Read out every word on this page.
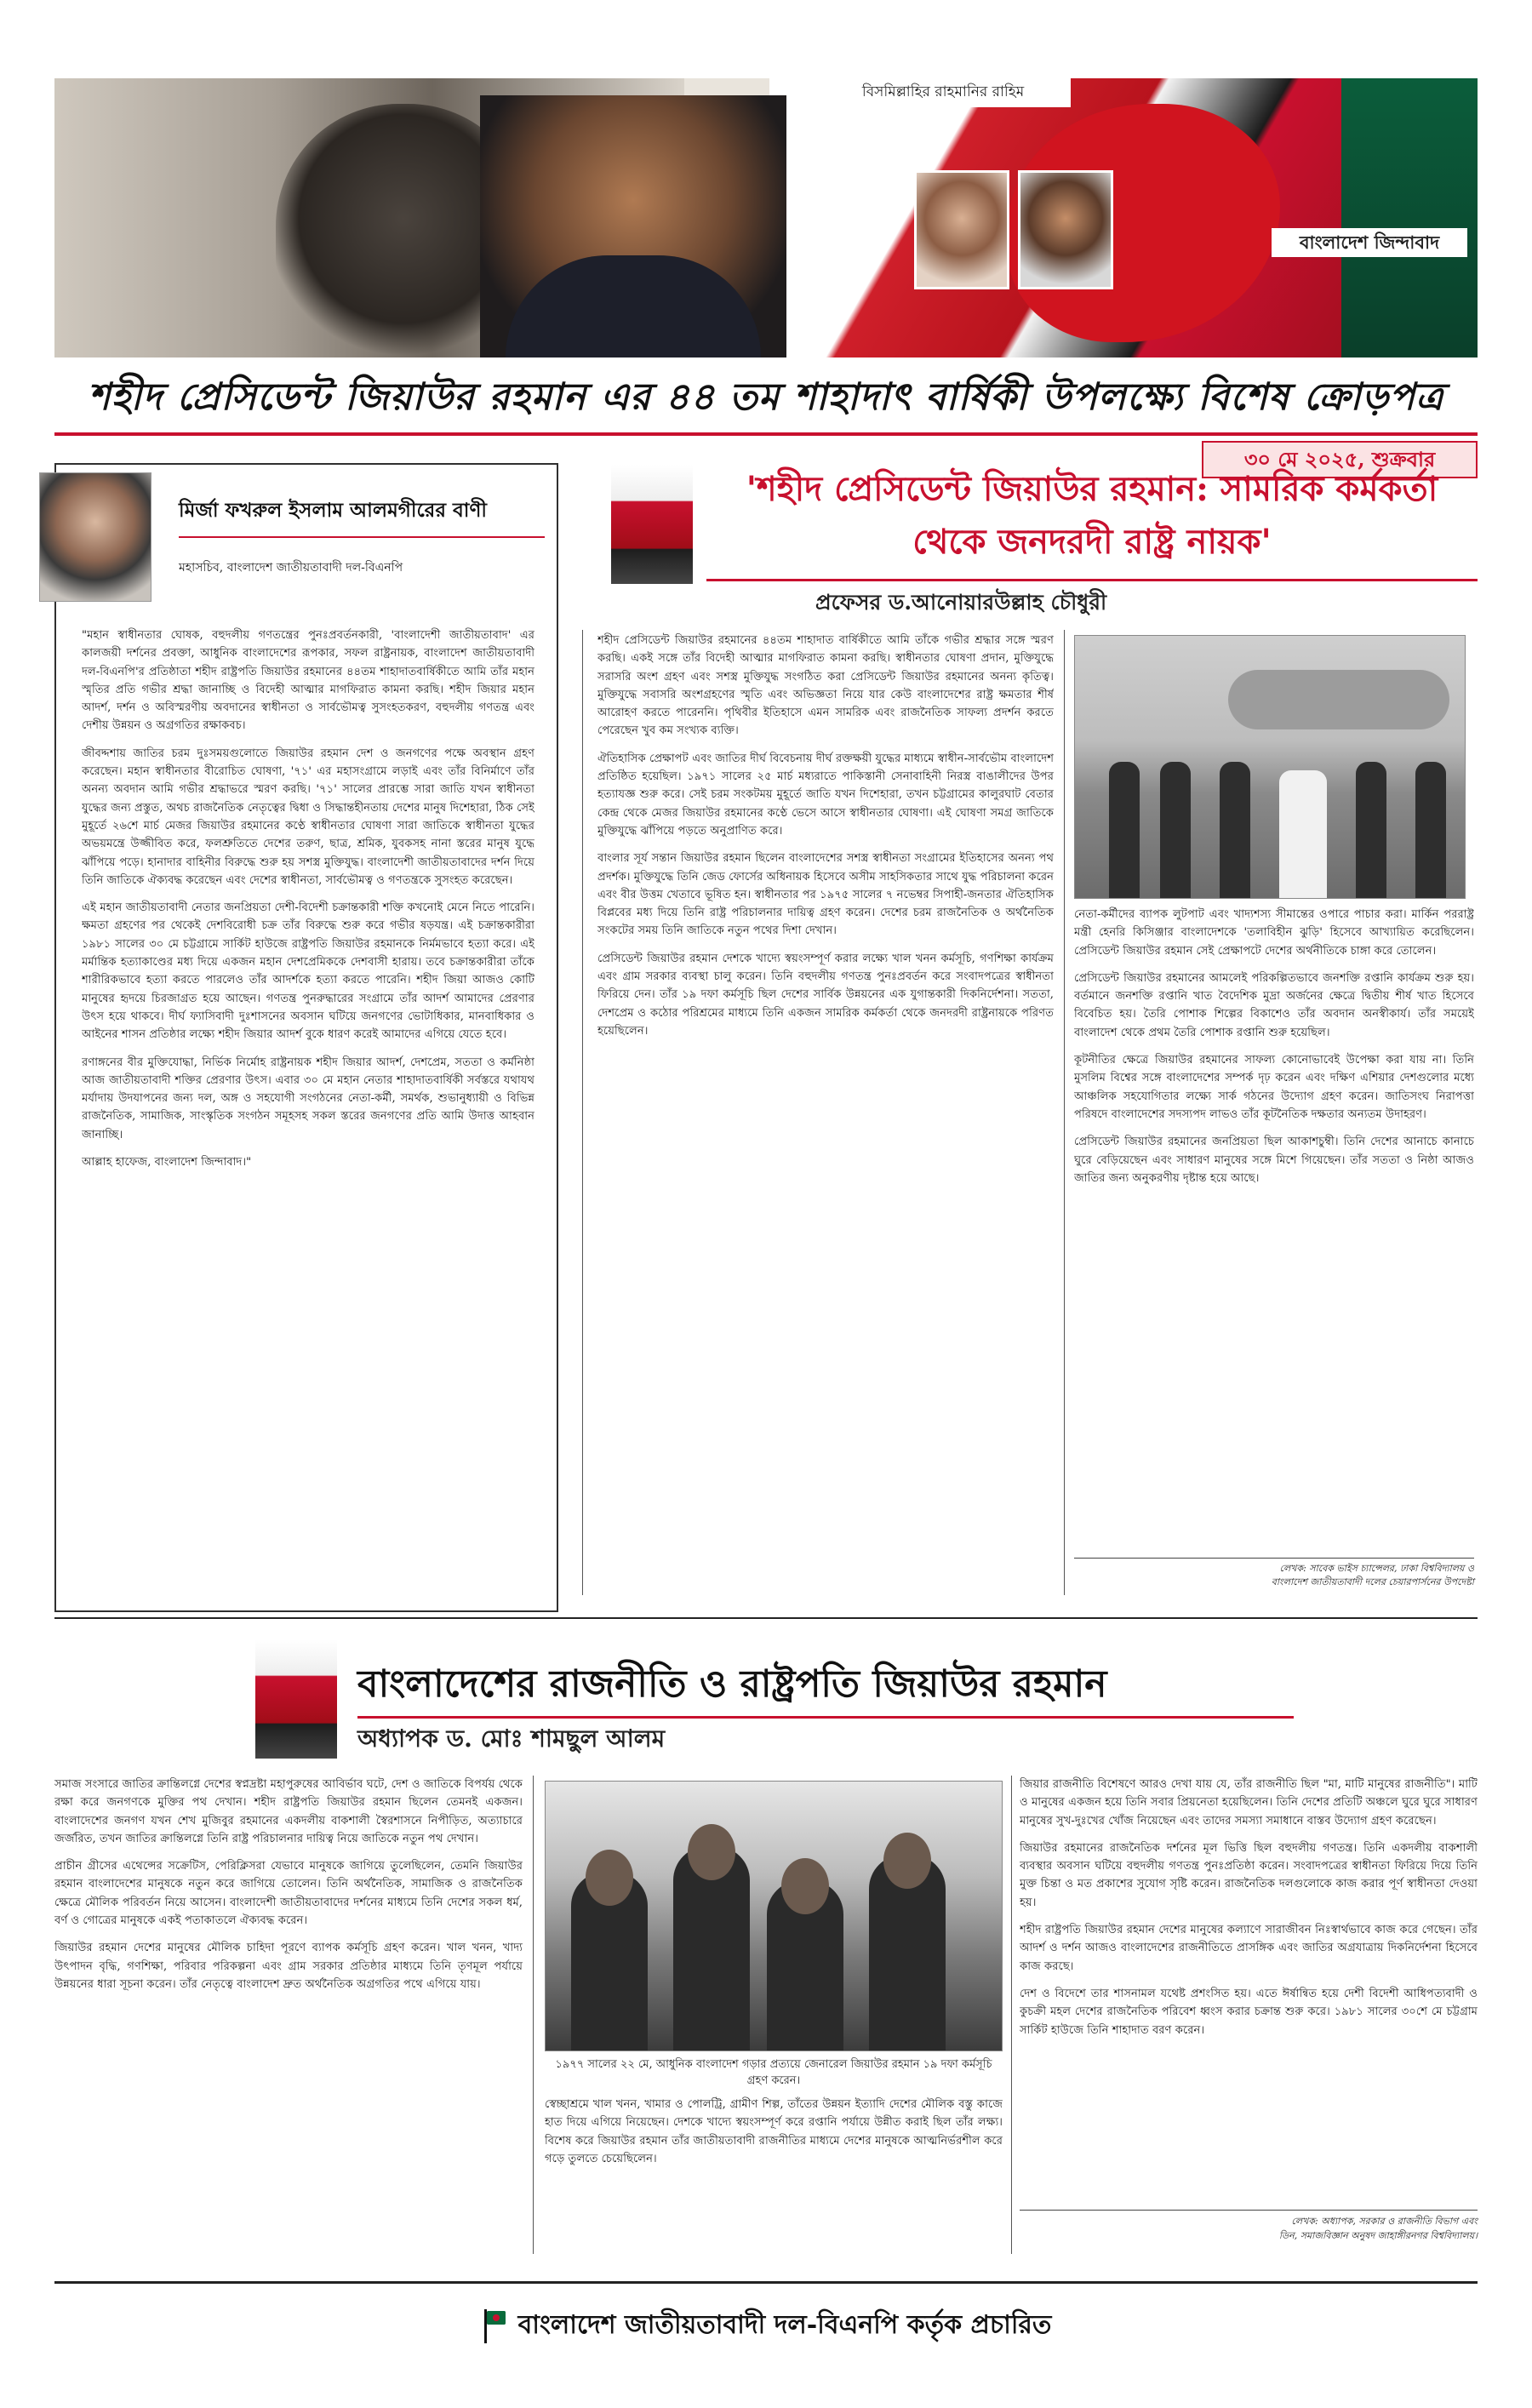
বিসমিল্লাহির রাহমানির রাহিম
বাংলাদেশ জিন্দাবাদ
শহীদ প্রেসিডেন্ট জিয়াউর রহমান এর ৪৪ তম শাহাদাৎ বার্ষিকী উপলক্ষ্যে বিশেষ ক্রোড়পত্র
৩০ মে ২০২৫, শুক্রবার
মির্জা ফখরুল ইসলাম আলমগীরের বাণী
মহাসচিব, বাংলাদেশ জাতীয়তাবাদী দল-বিএনপি

"মহান স্বাধীনতার ঘোষক, বহুদলীয় গণতন্ত্রের পুনঃপ্রবর্তনকারী, 'বাংলাদেশী জাতীয়তাবাদ' এর কালজয়ী দর্শনের প্রবক্তা, আধুনিক বাংলাদেশের রূপকার, সফল রাষ্ট্রনায়ক, বাংলাদেশ জাতীয়তাবাদী দল-বিএনপি'র প্রতিষ্ঠাতা শহীদ রাষ্ট্রপতি জিয়াউর রহমানের ৪৪তম শাহাদাতবার্ষিকীতে আমি তাঁর মহান স্মৃতির প্রতি গভীর শ্রদ্ধা জানাচ্ছি ও বিদেহী আত্মার মাগফিরাত কামনা করছি। শহীদ জিয়ার মহান আদর্শ, দর্শন ও অবিস্মরণীয় অবদানের স্বাধীনতা ও সার্বভৌমত্ব সুসংহতকরণ, বহুদলীয় গণতন্ত্র এবং দেশীয় উন্নয়ন ও অগ্রগতির রক্ষাকবচ।

জীবদ্দশায় জাতির চরম দুঃসময়গুলোতে জিয়াউর রহমান দেশ ও জনগণের পক্ষে অবস্থান গ্রহণ করেছেন। মহান স্বাধীনতার বীরোচিত ঘোষণা, '৭১' এর মহাসংগ্রামে লড়াই এবং তাঁর বিনির্মাণে তাঁর অনন্য অবদান আমি গভীর শ্রদ্ধাভরে স্মরণ করছি। '৭১' সালের প্রারম্ভে সারা জাতি যখন স্বাধীনতা যুদ্ধের জন্য প্রস্তুত, অথচ রাজনৈতিক নেতৃত্বের দ্বিধা ও সিদ্ধান্তহীনতায় দেশের মানুষ দিশেহারা, ঠিক সেই মুহূর্তে ২৬শে মার্চ মেজর জিয়াউর রহমানের কণ্ঠে স্বাধীনতার ঘোষণা সারা জাতিকে স্বাধীনতা যুদ্ধের অভয়মন্ত্রে উজ্জীবিত করে, ফলশ্রুতিতে দেশের তরুণ, ছাত্র, শ্রমিক, যুবকসহ নানা স্তরের মানুষ যুদ্ধে ঝাঁপিয়ে পড়ে। হানাদার বাহিনীর বিরুদ্ধে শুরু হয় সশস্ত্র মুক্তিযুদ্ধ। বাংলাদেশী জাতীয়তাবাদের দর্শন দিয়ে তিনি জাতিকে ঐক্যবদ্ধ করেছেন এবং দেশের স্বাধীনতা, সার্বভৌমত্ব ও গণতন্ত্রকে সুসংহত করেছেন।

এই মহান জাতীয়তাবাদী নেতার জনপ্রিয়তা দেশী-বিদেশী চক্রান্তকারী শক্তি কখনোই মেনে নিতে পারেনি। ক্ষমতা গ্রহণের পর থেকেই দেশবিরোধী চক্র তাঁর বিরুদ্ধে শুরু করে গভীর ষড়যন্ত্র। এই চক্রান্তকারীরা ১৯৮১ সালের ৩০ মে চট্টগ্রামে সার্কিট হাউজে রাষ্ট্রপতি জিয়াউর রহমানকে নির্মমভাবে হত্যা করে। এই মর্মান্তিক হত্যাকাণ্ডের মধ্য দিয়ে একজন মহান দেশপ্রেমিককে দেশবাসী হারায়। তবে চক্রান্তকারীরা তাঁকে শারীরিকভাবে হত্যা করতে পারলেও তাঁর আদর্শকে হত্যা করতে পারেনি। শহীদ জিয়া আজও কোটি মানুষের হৃদয়ে চিরজাগ্রত হয়ে আছেন। গণতন্ত্র পুনরুদ্ধারের সংগ্রামে তাঁর আদর্শ আমাদের প্রেরণার উৎস হয়ে থাকবে। দীর্ঘ ফ্যাসিবাদী দুঃশাসনের অবসান ঘটিয়ে জনগণের ভোটাধিকার, মানবাধিকার ও আইনের শাসন প্রতিষ্ঠার লক্ষ্যে শহীদ জিয়ার আদর্শ বুকে ধারণ করেই আমাদের এগিয়ে যেতে হবে।

রণাঙ্গনের বীর মুক্তিযোদ্ধা, নির্ভিক নির্মোহ রাষ্ট্রনায়ক শহীদ জিয়ার আদর্শ, দেশপ্রেম, সততা ও কর্মনিষ্ঠা আজ জাতীয়তাবাদী শক্তির প্রেরণার উৎস। এবার ৩০ মে মহান নেতার শাহাদাতবার্ষিকী সর্বস্তরে যথাযথ মর্যাদায় উদযাপনের জন্য দল, অঙ্গ ও সহযোগী সংগঠনের নেতা-কর্মী, সমর্থক, শুভানুধ্যায়ী ও বিভিন্ন রাজনৈতিক, সামাজিক, সাংস্কৃতিক সংগঠন সমূহসহ সকল স্তরের জনগণের প্রতি আমি উদাত্ত আহবান জানাচ্ছি।

আল্লাহ হাফেজ, বাংলাদেশ জিন্দাবাদ।"

'শহীদ প্রেসিডেন্ট জিয়াউর রহমান: সামরিক কর্মকর্তা থেকে জনদরদী রাষ্ট্র নায়ক'
প্রফেসর ড.আনোয়ারউল্লাহ চৌধুরী

শহীদ প্রেসিডেন্ট জিয়াউর রহমানের ৪৪তম শাহাদাত বার্ষিকীতে আমি তাঁকে গভীর শ্রদ্ধার সঙ্গে স্মরণ করছি। একই সঙ্গে তাঁর বিদেহী আত্মার মাগফিরাত কামনা করছি। স্বাধীনতার ঘোষণা প্রদান, মুক্তিযুদ্ধে সরাসরি অংশ গ্রহণ এবং সশস্ত্র মুক্তিযুদ্ধ সংগঠিত করা প্রেসিডেন্ট জিয়াউর রহমানের অনন্য কৃতিত্ব। মুক্তিযুদ্ধে সবাসরি অংশগ্রহণের স্মৃতি এবং অভিজ্ঞতা নিয়ে যার কেউ বাংলাদেশের রাষ্ট্র ক্ষমতার শীর্ষ আরোহণ করতে পারেননি। পৃথিবীর ইতিহাসে এমন সামরিক এবং রাজনৈতিক সাফল্য প্রদর্শন করতে পেরেছেন খুব কম সংখ্যক ব্যক্তি।

ঐতিহাসিক প্রেক্ষাপট এবং জাতির দীর্ঘ বিবেচনায় দীর্ঘ রক্তক্ষয়ী যুদ্ধের মাধ্যমে স্বাধীন-সার্বভৌম বাংলাদেশ প্রতিষ্ঠিত হয়েছিল। ১৯৭১ সালের ২৫ মার্চ মধ্যরাতে পাকিস্তানী সেনাবাহিনী নিরস্ত্র বাঙালীদের উপর হত্যাযজ্ঞ শুরু করে। সেই চরম সংকটময় মুহূর্তে জাতি যখন দিশেহারা, তখন চট্টগ্রামের কালুরঘাট বেতার কেন্দ্র থেকে মেজর জিয়াউর রহমানের কণ্ঠে ভেসে আসে স্বাধীনতার ঘোষণা। এই ঘোষণা সমগ্র জাতিকে মুক্তিযুদ্ধে ঝাঁপিয়ে পড়তে অনুপ্রাণিত করে।

বাংলার সূর্য সন্তান জিয়াউর রহমান ছিলেন বাংলাদেশের সশস্ত্র স্বাধীনতা সংগ্রামের ইতিহাসের অনন্য পথ প্রদর্শক। মুক্তিযুদ্ধে তিনি জেড ফোর্সের অধিনায়ক হিসেবে অসীম সাহসিকতার সাথে যুদ্ধ পরিচালনা করেন এবং বীর উত্তম খেতাবে ভূষিত হন। স্বাধীনতার পর ১৯৭৫ সালের ৭ নভেম্বর সিপাহী-জনতার ঐতিহাসিক বিপ্লবের মধ্য দিয়ে তিনি রাষ্ট্র পরিচালনার দায়িত্ব গ্রহণ করেন। দেশের চরম রাজনৈতিক ও অর্থনৈতিক সংকটের সময় তিনি জাতিকে নতুন পথের দিশা দেখান।

প্রেসিডেন্ট জিয়াউর রহমান দেশকে খাদ্যে স্বয়ংসম্পূর্ণ করার লক্ষ্যে খাল খনন কর্মসূচি, গণশিক্ষা কার্যক্রম এবং গ্রাম সরকার ব্যবস্থা চালু করেন। তিনি বহুদলীয় গণতন্ত্র পুনঃপ্রবর্তন করে সংবাদপত্রের স্বাধীনতা ফিরিয়ে দেন। তাঁর ১৯ দফা কর্মসূচি ছিল দেশের সার্বিক উন্নয়নের এক যুগান্তকারী দিকনির্দেশনা। সততা, দেশপ্রেম ও কঠোর পরিশ্রমের মাধ্যমে তিনি একজন সামরিক কর্মকর্তা থেকে জনদরদী রাষ্ট্রনায়কে পরিণত হয়েছিলেন।

নেতা-কর্মীদের ব্যাপক লুটপাট এবং খাদ্যশস্য সীমান্তের ওপারে পাচার করা। মার্কিন পররাষ্ট্র মন্ত্রী হেনরি কিসিঞ্জার বাংলাদেশকে 'তলাবিহীন ঝুড়ি' হিসেবে আখ্যায়িত করেছিলেন। প্রেসিডেন্ট জিয়াউর রহমান সেই প্রেক্ষাপটে দেশের অর্থনীতিকে চাঙ্গা করে তোলেন।

প্রেসিডেন্ট জিয়াউর রহমানের আমলেই পরিকল্পিতভাবে জনশক্তি রপ্তানি কার্যক্রম শুরু হয়। বর্তমানে জনশক্তি রপ্তানি খাত বৈদেশিক মুদ্রা অর্জনের ক্ষেত্রে দ্বিতীয় শীর্ষ খাত হিসেবে বিবেচিত হয়। তৈরি পোশাক শিল্পের বিকাশেও তাঁর অবদান অনস্বীকার্য। তাঁর সময়েই বাংলাদেশ থেকে প্রথম তৈরি পোশাক রপ্তানি শুরু হয়েছিল।

কূটনীতির ক্ষেত্রে জিয়াউর রহমানের সাফল্য কোনোভাবেই উপেক্ষা করা যায় না। তিনি মুসলিম বিশ্বের সঙ্গে বাংলাদেশের সম্পর্ক দৃঢ় করেন এবং দক্ষিণ এশিয়ার দেশগুলোর মধ্যে আঞ্চলিক সহযোগিতার লক্ষ্যে সার্ক গঠনের উদ্যোগ গ্রহণ করেন। জাতিসংঘ নিরাপত্তা পরিষদে বাংলাদেশের সদস্যপদ লাভও তাঁর কূটনৈতিক দক্ষতার অন্যতম উদাহরণ।

প্রেসিডেন্ট জিয়াউর রহমানের জনপ্রিয়তা ছিল আকাশচুম্বী। তিনি দেশের আনাচে কানাচে ঘুরে বেড়িয়েছেন এবং সাধারণ মানুষের সঙ্গে মিশে গিয়েছেন। তাঁর সততা ও নিষ্ঠা আজও জাতির জন্য অনুকরণীয় দৃষ্টান্ত হয়ে আছে।

লেখক: সাবেক ভাইস চ্যান্সেলর, ঢাকা বিশ্ববিদ্যালয় ও
বাংলাদেশ জাতীয়তাবাদী দলের চেয়ারপার্সনের উপদেষ্টা
বাংলাদেশের রাজনীতি ও রাষ্ট্রপতি জিয়াউর রহমান
অধ্যাপক ড. মোঃ শামছুল আলম

সমাজ সংসারে জাতির ক্রান্তিলগ্নে দেশের স্বপ্নদ্রষ্টা মহাপুরুষের আবির্ভাব ঘটে, দেশ ও জাতিকে বিপর্যয় থেকে রক্ষা করে জনগণকে মুক্তির পথ দেখান। শহীদ রাষ্ট্রপতি জিয়াউর রহমান ছিলেন তেমনই একজন। বাংলাদেশের জনগণ যখন শেখ মুজিবুর রহমানের একদলীয় বাকশালী স্বৈরশাসনে নিপীড়িত, অত্যাচারে জর্জরিত, তখন জাতির ক্রান্তিলগ্নে তিনি রাষ্ট্র পরিচালনার দায়িত্ব নিয়ে জাতিকে নতুন পথ দেখান।

প্রাচীন গ্রীসের এথেন্সের সক্রেটিস, পেরিক্লিসরা যেভাবে মানুষকে জাগিয়ে তুলেছিলেন, তেমনি জিয়াউর রহমান বাংলাদেশের মানুষকে নতুন করে জাগিয়ে তোলেন। তিনি অর্থনৈতিক, সামাজিক ও রাজনৈতিক ক্ষেত্রে মৌলিক পরিবর্তন নিয়ে আসেন। বাংলাদেশী জাতীয়তাবাদের দর্শনের মাধ্যমে তিনি দেশের সকল ধর্ম, বর্ণ ও গোত্রের মানুষকে একই পতাকাতলে ঐক্যবদ্ধ করেন।

জিয়াউর রহমান দেশের মানুষের মৌলিক চাহিদা পূরণে ব্যাপক কর্মসূচি গ্রহণ করেন। খাল খনন, খাদ্য উৎপাদন বৃদ্ধি, গণশিক্ষা, পরিবার পরিকল্পনা এবং গ্রাম সরকার প্রতিষ্ঠার মাধ্যমে তিনি তৃণমূল পর্যায়ে উন্নয়নের ধারা সূচনা করেন। তাঁর নেতৃত্বে বাংলাদেশ দ্রুত অর্থনৈতিক অগ্রগতির পথে এগিয়ে যায়।

১৯৭৭ সালের ২২ মে, আধুনিক বাংলাদেশ গড়ার প্রত্যয়ে জেনারেল জিয়াউর রহমান ১৯ দফা কর্মসূচি গ্রহণ করেন।

স্বেচ্ছাশ্রমে খাল খনন, খামার ও পোলট্রি, গ্রামীণ শিল্প, তাঁতের উন্নয়ন ইত্যাদি দেশের মৌলিক বস্তু কাজে হাত দিয়ে এগিয়ে নিয়েছেন। দেশকে খাদ্যে স্বয়ংসম্পূর্ণ করে রপ্তানি পর্যায়ে উন্নীত করাই ছিল তাঁর লক্ষ্য। বিশেষ করে জিয়াউর রহমান তাঁর জাতীয়তাবাদী রাজনীতির মাধ্যমে দেশের মানুষকে আত্মনির্ভরশীল করে গড়ে তুলতে চেয়েছিলেন।

জিয়ার রাজনীতি বিশেষণে আরও দেখা যায় যে, তাঁর রাজনীতি ছিল "মা, মাটি মানুষের রাজনীতি"। মাটি ও মানুষের একজন হয়ে তিনি সবার প্রিয়নেতা হয়েছিলেন। তিনি দেশের প্রতিটি অঞ্চলে ঘুরে ঘুরে সাধারণ মানুষের সুখ-দুঃখের খোঁজ নিয়েছেন এবং তাদের সমস্যা সমাধানে বাস্তব উদ্যোগ গ্রহণ করেছেন।

জিয়াউর রহমানের রাজনৈতিক দর্শনের মূল ভিত্তি ছিল বহুদলীয় গণতন্ত্র। তিনি একদলীয় বাকশালী ব্যবস্থার অবসান ঘটিয়ে বহুদলীয় গণতন্ত্র পুনঃপ্রতিষ্ঠা করেন। সংবাদপত্রের স্বাধীনতা ফিরিয়ে দিয়ে তিনি মুক্ত চিন্তা ও মত প্রকাশের সুযোগ সৃষ্টি করেন। রাজনৈতিক দলগুলোকে কাজ করার পূর্ণ স্বাধীনতা দেওয়া হয়।

শহীদ রাষ্ট্রপতি জিয়াউর রহমান দেশের মানুষের কল্যাণে সারাজীবন নিঃস্বার্থভাবে কাজ করে গেছেন। তাঁর আদর্শ ও দর্শন আজও বাংলাদেশের রাজনীতিতে প্রাসঙ্গিক এবং জাতির অগ্রযাত্রায় দিকনির্দেশনা হিসেবে কাজ করছে।

দেশ ও বিদেশে তার শাসনামল যথেষ্ট প্রশংসিত হয়। এতে ঈর্ষান্বিত হয়ে দেশী বিদেশী আধিপত্যবাদী ও কুচক্রী মহল দেশের রাজনৈতিক পরিবেশ ধ্বংস করার চক্রান্ত শুরু করে। ১৯৮১ সালের ৩০শে মে চট্টগ্রাম সার্কিট হাউজে তিনি শাহাদাত বরণ করেন।

লেখক: অধ্যাপক, সরকার ও রাজনীতি বিভাগ এবং
ডিন, সমাজবিজ্ঞান অনুষদ জাহাঙ্গীরনগর বিশ্ববিদ্যালয়।
বাংলাদেশ জাতীয়তাবাদী দল-বিএনপি কর্তৃক প্রচারিত
